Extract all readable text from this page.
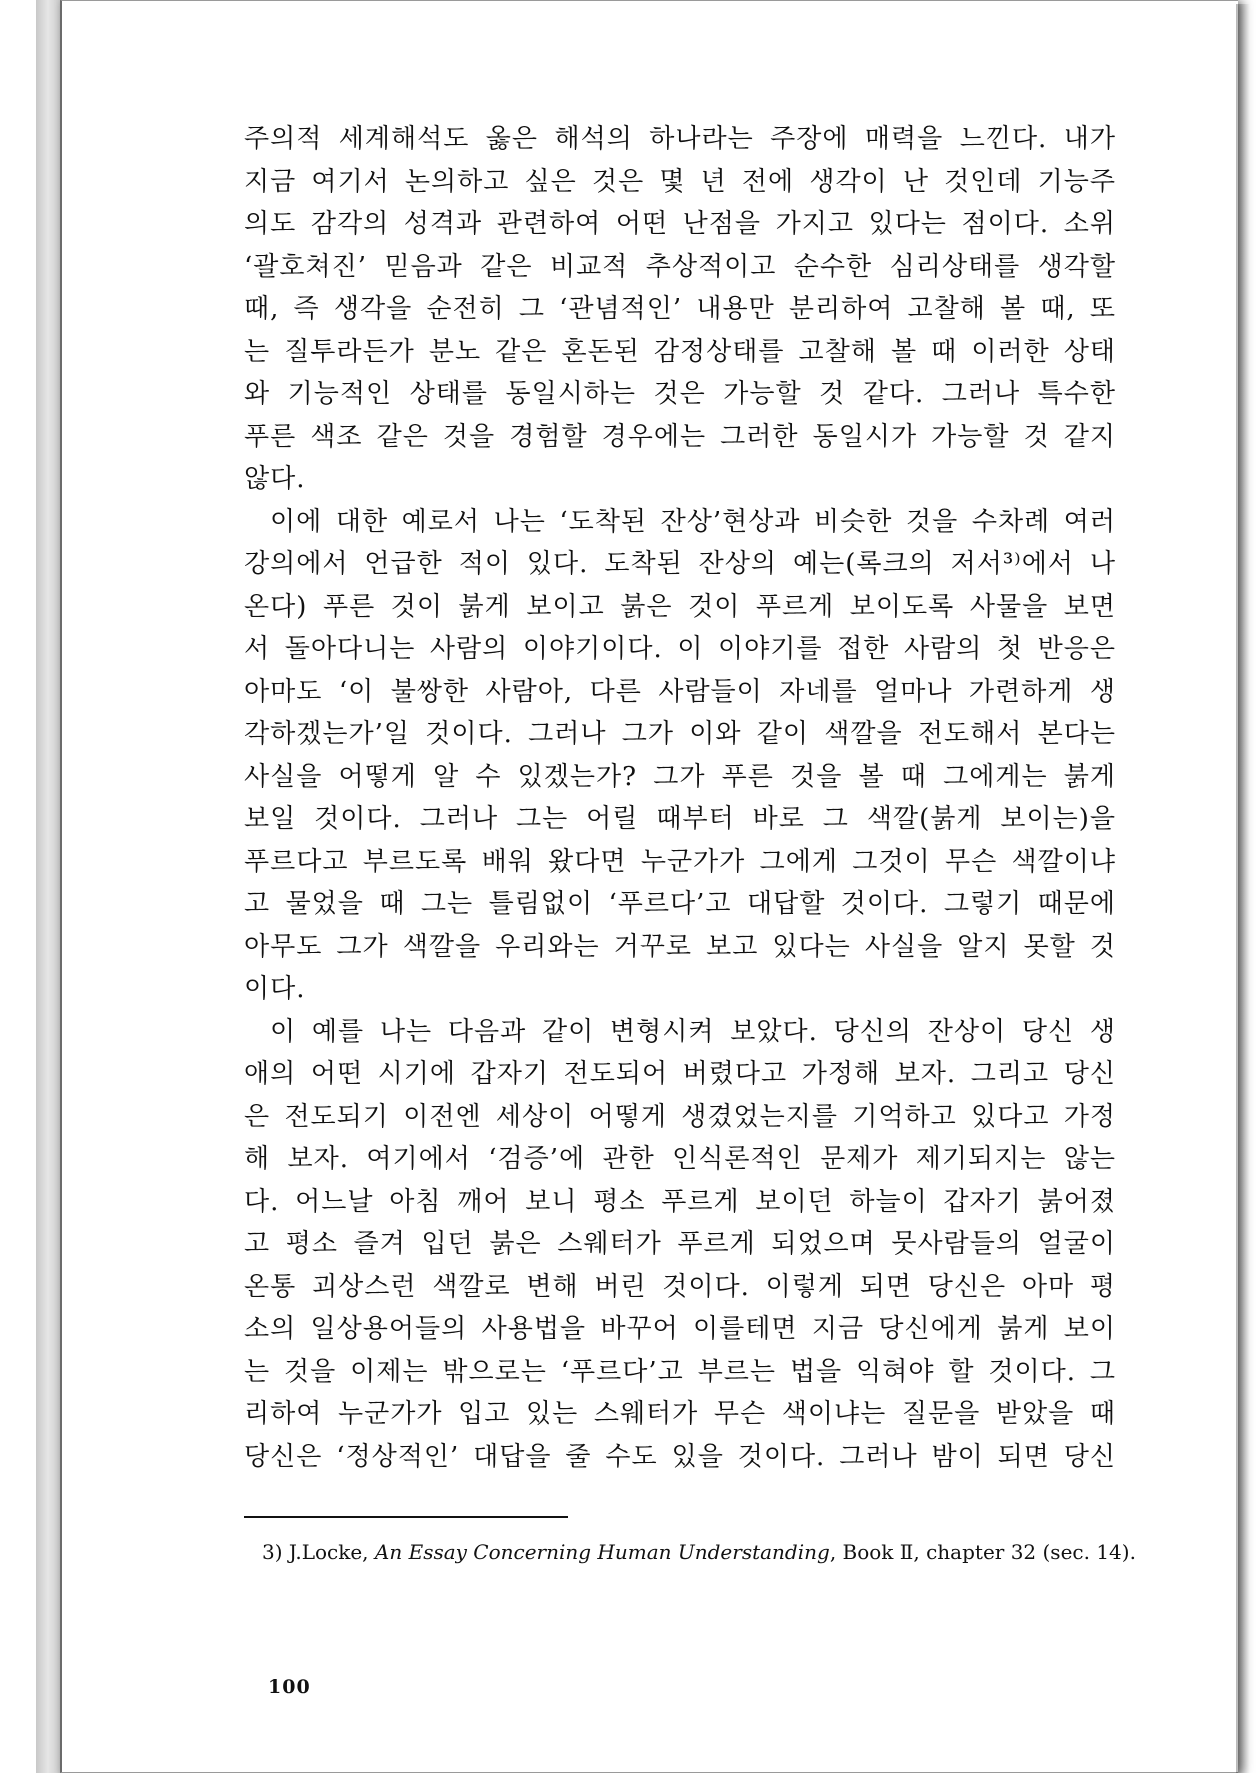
주의적 세계해석도 옳은 해석의 하나라는 주장에 매력을 느낀다. 내가
지금 여기서 논의하고 싶은 것은 몇 년 전에 생각이 난 것인데 기능주
의도 감각의 성격과 관련하여 어떤 난점을 가지고 있다는 점이다. 소위
‘괄호쳐진’ 믿음과 같은 비교적 추상적이고 순수한 심리상태를 생각할
때, 즉 생각을 순전히 그 ‘관념적인’ 내용만 분리하여 고찰해 볼 때, 또
는 질투라든가 분노 같은 혼돈된 감정상태를 고찰해 볼 때 이러한 상태
와 기능적인 상태를 동일시하는 것은 가능할 것 같다. 그러나 특수한
푸른 색조 같은 것을 경험할 경우에는 그러한 동일시가 가능할 것 같지
않다.
이에 대한 예로서 나는 ‘도착된 잔상’현상과 비슷한 것을 수차례 여러
강의에서 언급한 적이 있다. 도착된 잔상의 예는(록크의 저서³⁾에서 나
온다) 푸른 것이 붉게 보이고 붉은 것이 푸르게 보이도록 사물을 보면
서 돌아다니는 사람의 이야기이다. 이 이야기를 접한 사람의 첫 반응은
아마도 ‘이 불쌍한 사람아, 다른 사람들이 자네를 얼마나 가련하게 생
각하겠는가’일 것이다. 그러나 그가 이와 같이 색깔을 전도해서 본다는
사실을 어떻게 알 수 있겠는가? 그가 푸른 것을 볼 때 그에게는 붉게
보일 것이다. 그러나 그는 어릴 때부터 바로 그 색깔(붉게 보이는)을
푸르다고 부르도록 배워 왔다면 누군가가 그에게 그것이 무슨 색깔이냐
고 물었을 때 그는 틀림없이 ‘푸르다’고 대답할 것이다. 그렇기 때문에
아무도 그가 색깔을 우리와는 거꾸로 보고 있다는 사실을 알지 못할 것
이다.
이 예를 나는 다음과 같이 변형시켜 보았다. 당신의 잔상이 당신 생
애의 어떤 시기에 갑자기 전도되어 버렸다고 가정해 보자. 그리고 당신
은 전도되기 이전엔 세상이 어떻게 생겼었는지를 기억하고 있다고 가정
해 보자. 여기에서 ‘검증’에 관한 인식론적인 문제가 제기되지는 않는
다. 어느날 아침 깨어 보니 평소 푸르게 보이던 하늘이 갑자기 붉어졌
고 평소 즐겨 입던 붉은 스웨터가 푸르게 되었으며 뭇사람들의 얼굴이
온통 괴상스런 색깔로 변해 버린 것이다. 이렇게 되면 당신은 아마 평
소의 일상용어들의 사용법을 바꾸어 이를테면 지금 당신에게 붉게 보이
는 것을 이제는 밖으로는 ‘푸르다’고 부르는 법을 익혀야 할 것이다. 그
리하여 누군가가 입고 있는 스웨터가 무슨 색이냐는 질문을 받았을 때
당신은 ‘정상적인’ 대답을 줄 수도 있을 것이다. 그러나 밤이 되면 당신
3) J.Locke, An Essay Concerning Human Understanding, Book Ⅱ, chapter 32 (sec. 14).
100
